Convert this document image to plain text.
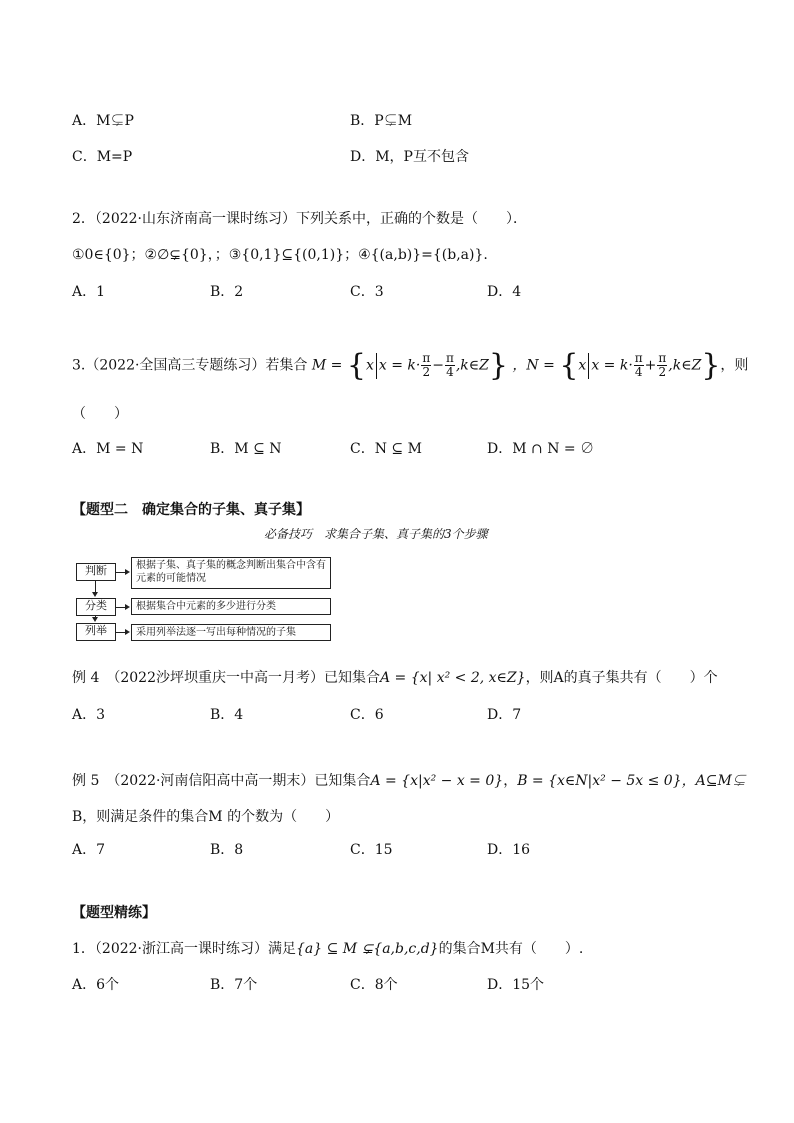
A．M⊊P	B．P⊊M
C．M=P	D．M，P互不包含
2．（2022·山东济南高一课时练习）下列关系中，正确的个数是（　　）．
①0∈{0}；②∅⊊{0}，；③{0,1}⊆{(0,1)}；④{(a,b)}={(b,a)}.
A．1	B．2	C．3	D．4
3.（2022·全国高三专题练习）若集合 M = {x $x = k\cdot \frac{\pi}{2} - \frac{\pi}{4}$ ,k∈Z} ，N = {x $x = k\cdot \frac{\pi}{4} + \frac{\pi}{2}$ ,k∈Z}，则
（　　）
A．M = N	B．M ⊆ N	C．N ⊆ M	D．M ∩ N = ∅
【题型二　确定集合的子集、真子集】
必备技巧　求集合子集、真子集的3个步骤
判断
分类
列举
根据子集、真子集的概念判断出集合中含有元素的可能情况
根据集合中元素的多少进行分类
采用列举法逐一写出每种情况的子集
例 4　（2022沙坪坝重庆一中高一月考）已知集合A = {x| x² < 2, x∈Z}，则A的真子集共有（　　）个
A．3	B．4	C．6	D．7
例 5　（2022·河南信阳高中高一期末）已知集合A = {x|x² − x = 0}，B = {x∈N|x² − 5x ≤ 0}，A⊆M⊊
B，则满足条件的集合M 的个数为（　　）
A．7	B．8	C．15	D．16
【题型精练】
1．（2022·浙江高一课时练习）满足{a} ⊆ M ⊊{a,b,c,d}的集合M共有（　　）.
A．6个	B．7个	C．8个	D．15个
